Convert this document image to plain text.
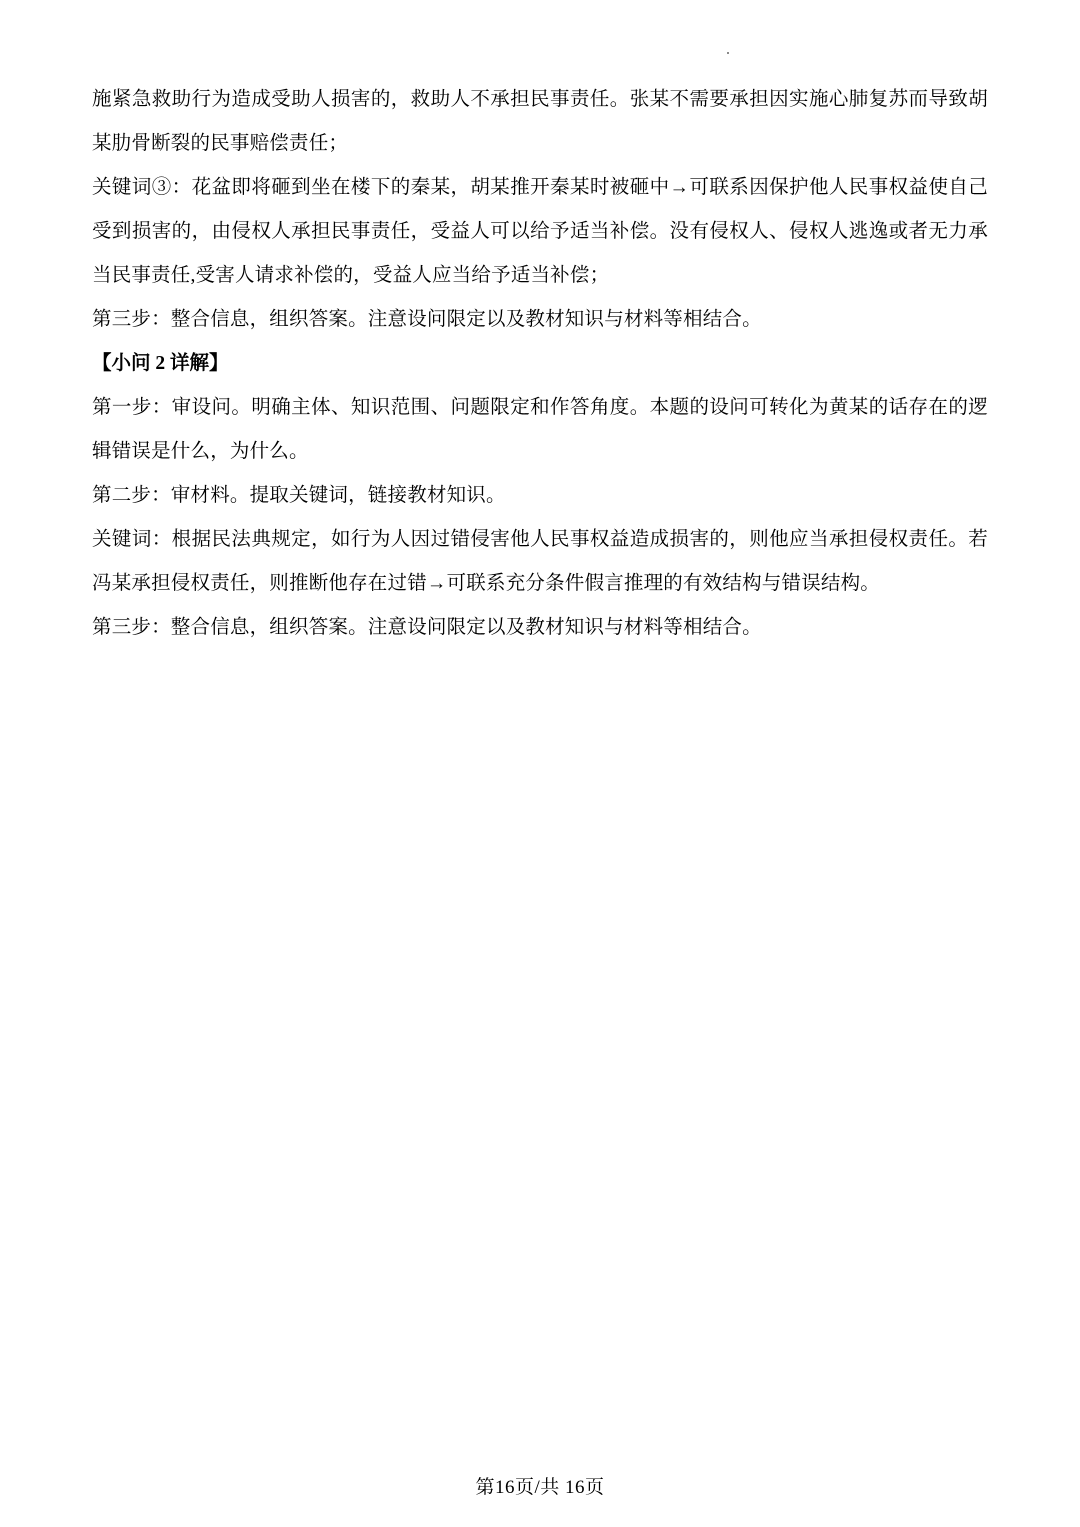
施紧急救助行为造成受助人损害的，救助人不承担民事责任。张某不需要承担因实施心肺复苏而导致胡某肋骨断裂的民事赔偿责任；

关键词③：花盆即将砸到坐在楼下的秦某，胡某推开秦某时被砸中→可联系因保护他人民事权益使自己受到损害的，由侵权人承担民事责任，受益人可以给予适当补偿。没有侵权人、侵权人逃逸或者无力承当民事责任,受害人请求补偿的，受益人应当给予适当补偿；

第三步：整合信息，组织答案。注意设问限定以及教材知识与材料等相结合。

【小问 2 详解】

第一步：审设问。明确主体、知识范围、问题限定和作答角度。本题的设问可转化为黄某的话存在的逻辑错误是什么，为什么。

第二步：审材料。提取关键词，链接教材知识。

关键词：根据民法典规定，如行为人因过错侵害他人民事权益造成损害的，则他应当承担侵权责任。若冯某承担侵权责任，则推断他存在过错→可联系充分条件假言推理的有效结构与错误结构。

第三步：整合信息，组织答案。注意设问限定以及教材知识与材料等相结合。

第16页/共 16页
